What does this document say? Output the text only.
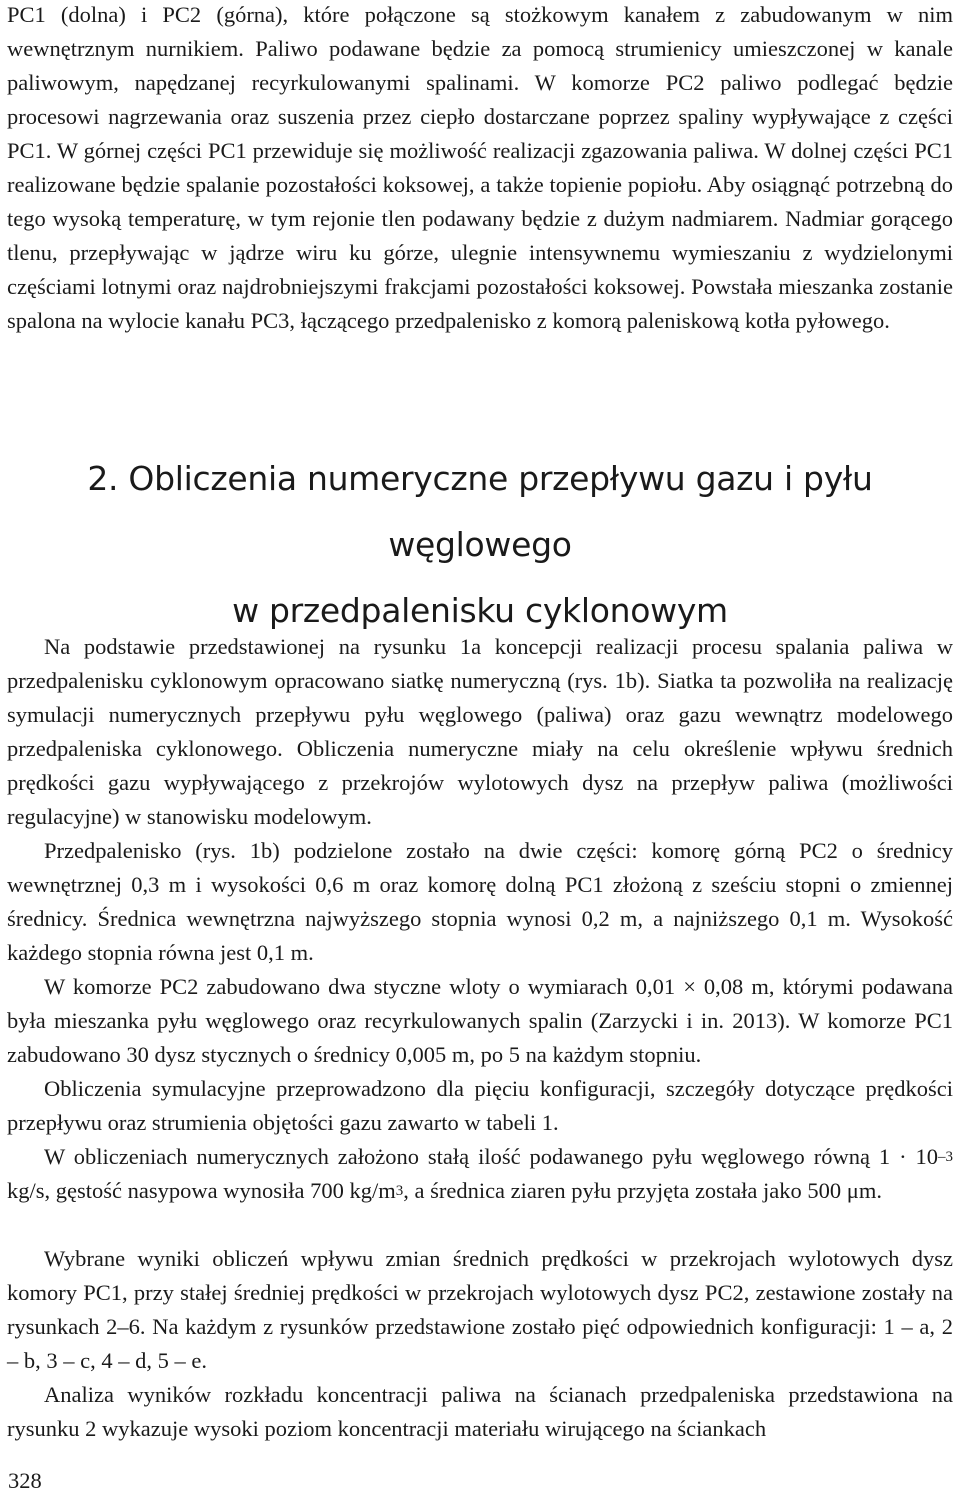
PC1 (dolna) i PC2 (górna), które połączone są stożkowym kanałem z zabudowanym w nim wewnętrznym nurnikiem. Paliwo podawane będzie za pomocą strumienicy umieszczonej w kanale paliwowym, napędzanej recyrkulowanymi spalinami. W komorze PC2 paliwo podlegać będzie procesowi nagrzewania oraz suszenia przez ciepło dostarczane poprzez spaliny wypływające z części PC1. W górnej części PC1 przewiduje się możliwość realizacji zgazowania paliwa. W dolnej części PC1 realizowane będzie spalanie pozostałości koksowej, a także topienie popiołu. Aby osiągnąć potrzebną do tego wysoką temperaturę, w tym rejonie tlen podawany będzie z dużym nadmiarem. Nadmiar gorącego tlenu, przepływając w jądrze wiru ku górze, ulegnie intensywnemu wymieszaniu z wydzielonymi częściami lotnymi oraz najdrobniejszymi frakcjami pozostałości koksowej. Powstała mieszanka zostanie spalona na wylocie kanału PC3, łączącego przedpalenisko z komorą paleniskową kotła pyłowego.

2. Obliczenia numeryczne przepływu gazu i pyłu węglowego
w przedpalenisku cyklonowym

Na podstawie przedstawionej na rysunku 1a koncepcji realizacji procesu spalania paliwa w przedpalenisku cyklonowym opracowano siatkę numeryczną (rys. 1b). Siatka ta pozwoliła na realizację symulacji numerycznych przepływu pyłu węglowego (paliwa) oraz gazu wewnątrz modelowego przedpaleniska cyklonowego. Obliczenia numeryczne miały na celu określenie wpływu średnich prędkości gazu wypływającego z przekrojów wylotowych dysz na przepływ paliwa (możliwości regulacyjne) w stanowisku modelowym.

Przedpalenisko (rys. 1b) podzielone zostało na dwie części: komorę górną PC2 o średnicy wewnętrznej 0,3 m i wysokości 0,6 m oraz komorę dolną PC1 złożoną z sześciu stopni o zmiennej średnicy. Średnica wewnętrzna najwyższego stopnia wynosi 0,2 m, a najniższego 0,1 m. Wysokość każdego stopnia równa jest 0,1 m.

W komorze PC2 zabudowano dwa styczne wloty o wymiarach 0,01 × 0,08 m, którymi podawana była mieszanka pyłu węglowego oraz recyrkulowanych spalin (Zarzycki i in. 2013). W komorze PC1 zabudowano 30 dysz stycznych o średnicy 0,005 m, po 5 na każdym stopniu.

Obliczenia symulacyjne przeprowadzono dla pięciu konfiguracji, szczegóły dotyczące prędkości przepływu oraz strumienia objętości gazu zawarto w tabeli 1.

W obliczeniach numerycznych założono stałą ilość podawanego pyłu węglowego równą $1 \cdot 10^{-3}$ kg/s, gęstość nasypowa wynosiła 700 $kg/m^3$, a średnica ziaren pyłu przyjęta została jako 500 μm.

Wybrane wyniki obliczeń wpływu zmian średnich prędkości w przekrojach wylotowych dysz komory PC1, przy stałej średniej prędkości w przekrojach wylotowych dysz PC2, zestawione zostały na rysunkach 2–6. Na każdym z rysunków przedstawione zostało pięć odpowiednich konfiguracji: 1 – a, 2 – b, 3 – c, 4 – d, 5 – e.

Analiza wyników rozkładu koncentracji paliwa na ścianach przedpaleniska przedstawiona na rysunku 2 wykazuje wysoki poziom koncentracji materiału wirującego na ściankach

328
